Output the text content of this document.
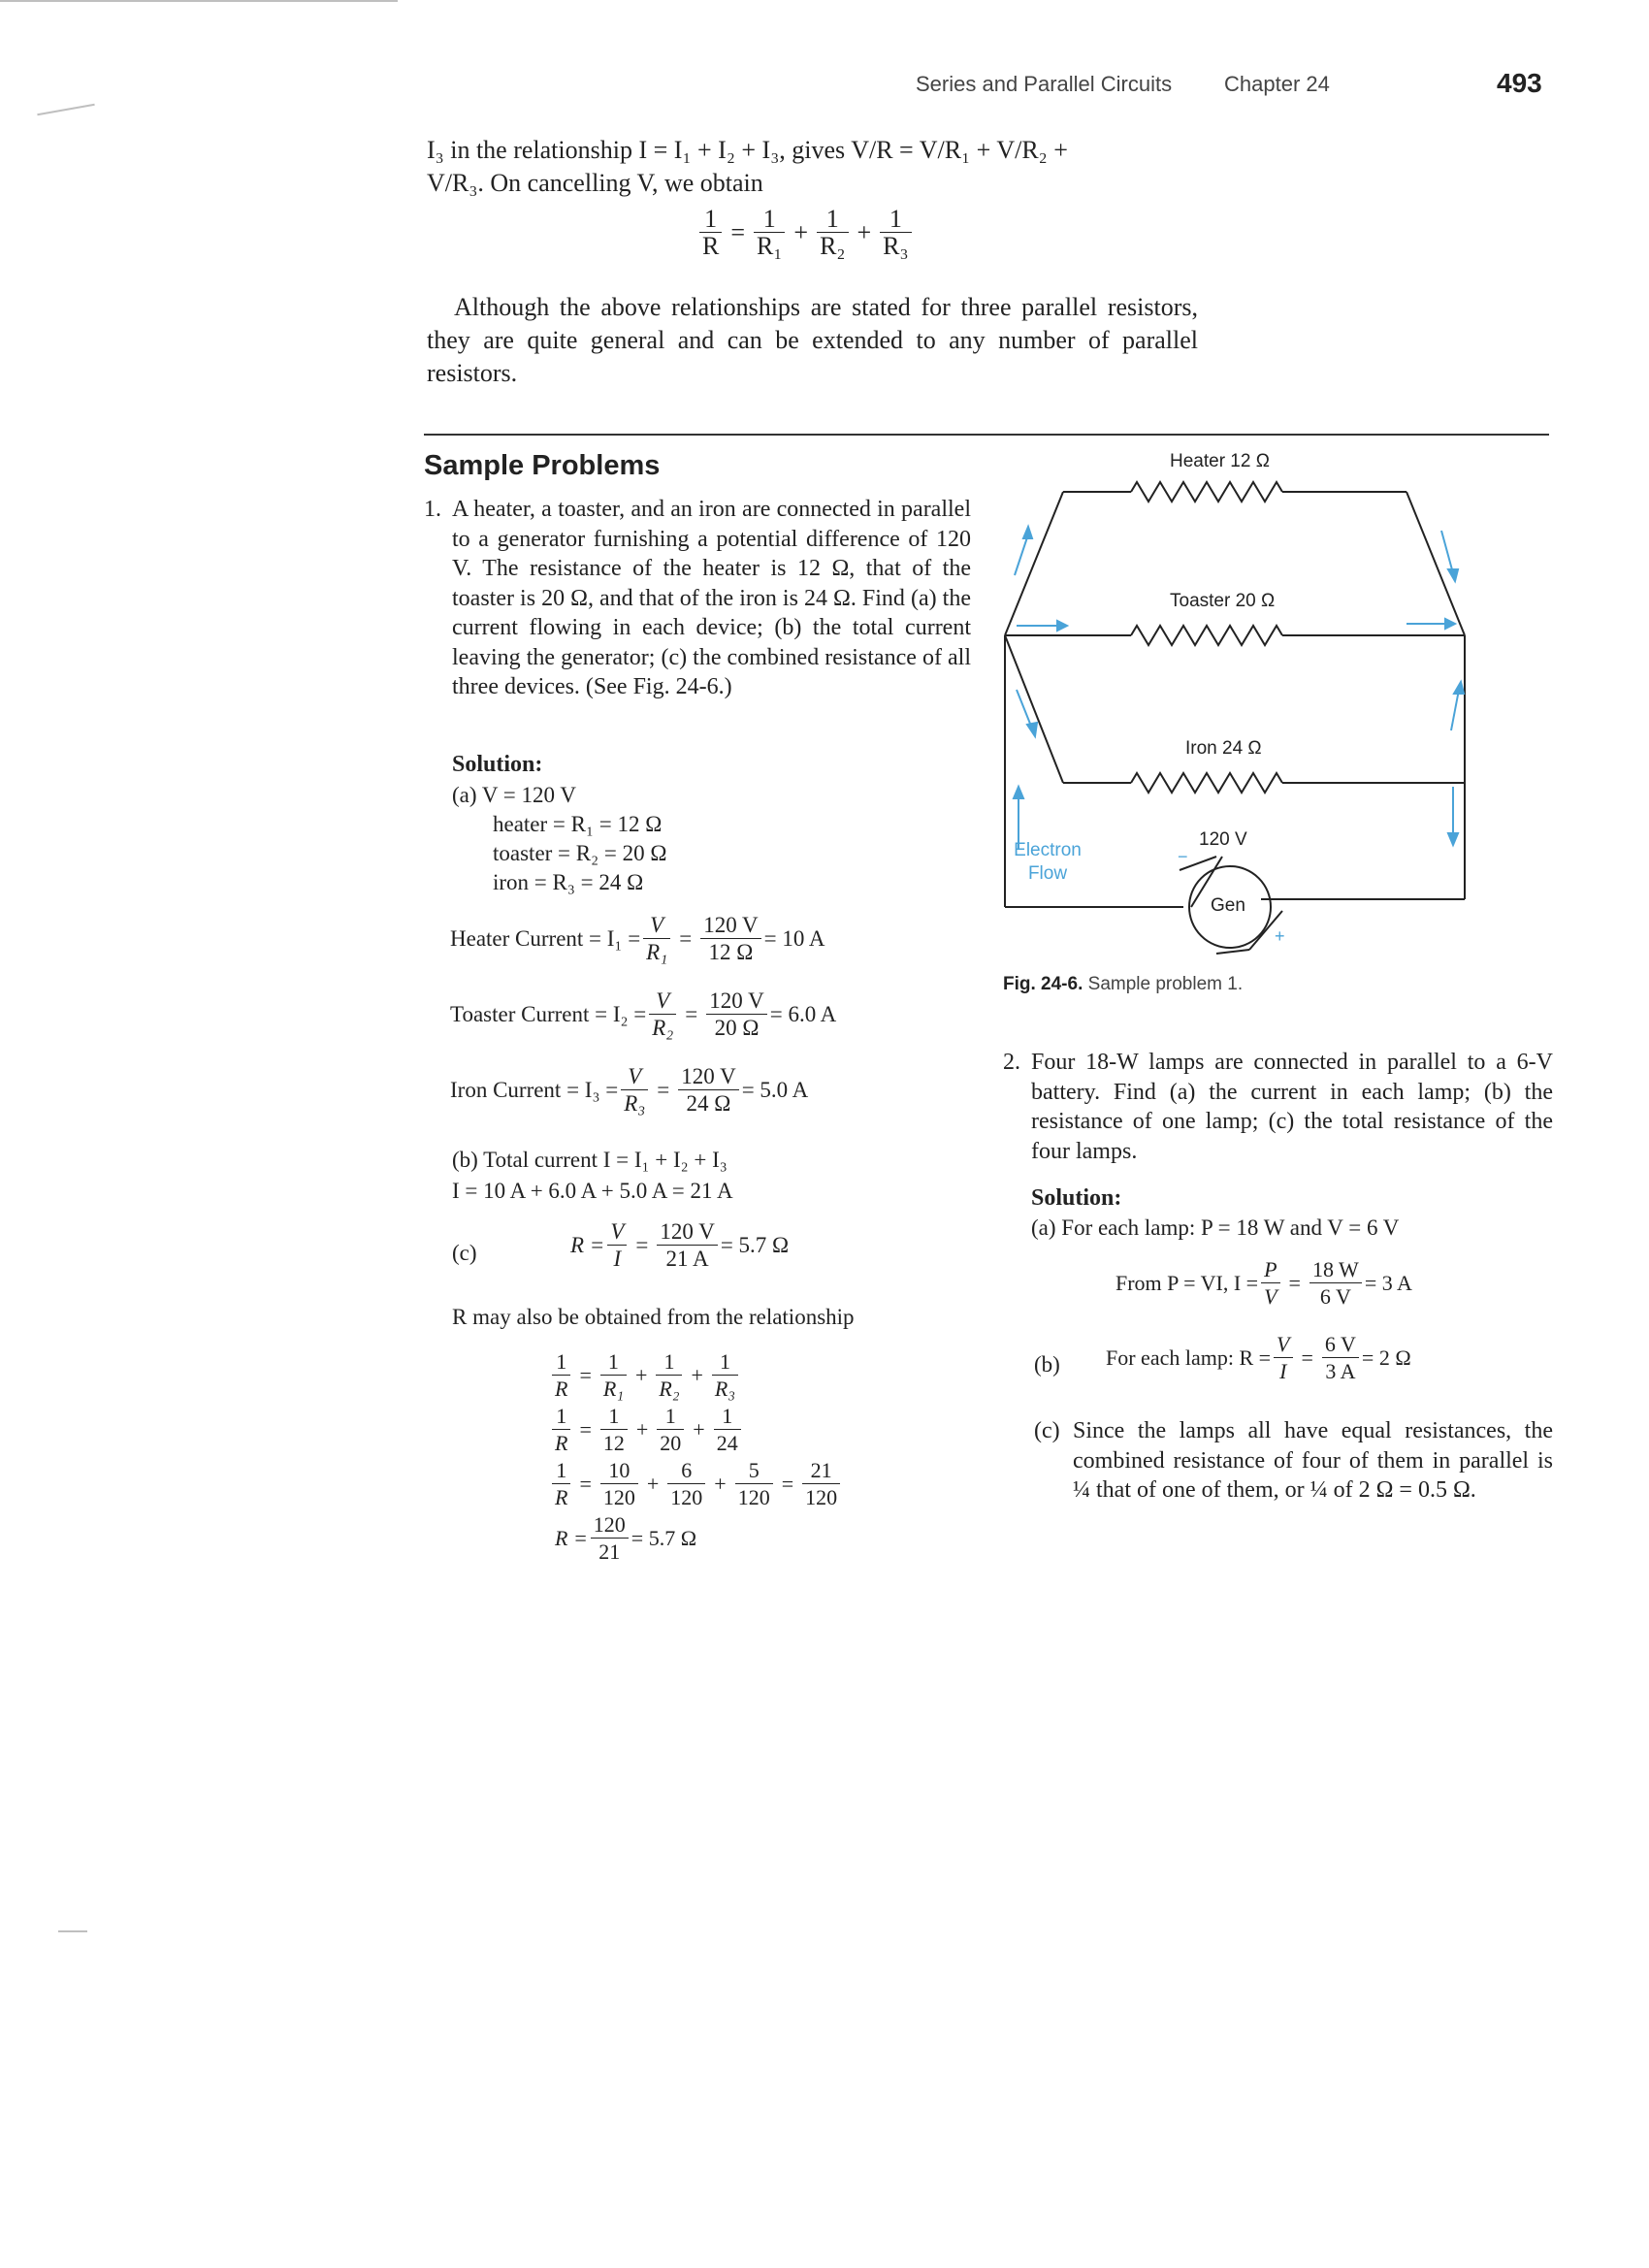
Series and Parallel Circuits Chapter 24	493
I₃ in the relationship I = I₁ + I₂ + I₃, gives V/R = V/R₁ + V/R₂ +
V/R₃. On cancelling V, we obtain
$\frac{1}{R} = \frac{1}{\text{R₁}} + \frac{1}{\text{R₂}} + \frac{1}{\text{R₃}}$
Although the above relationships are stated for three parallel resistors, they are quite general and can be extended to any number of parallel resistors.
Sample Problems
1. A heater, a toaster, and an iron are connected in parallel to a generator furnishing a potential difference of 120 V. The resistance of the heater is 12 Ω, that of the toaster is 20 Ω, and that of the iron is 24 Ω. Find (a) the current flowing in each device; (b) the total current leaving the generator; (c) the combined resistance of all three devices. (See Fig. 24-6.)
Solution:
(a) V = 120 V
heater = R₁ = 12 Ω
toaster = R₂ = 20 Ω
iron = R₃ = 24 Ω
Heater Current = $I_1 = \frac{V}{\text{R₁}} = \frac{120 V}{12 \Omega} = 10$ A
Toaster Current = $I_2 = \frac{V}{\text{R₂}} = \frac{120 V}{20 \Omega} = 6.0$ A
Iron Current = $I_3 = \frac{V}{\text{R₃}} = \frac{120 V}{24 \Omega} = 5.0$ A
(b) Total current I = I₁ + I₂ + I₃
I = 10 A + 6.0 A + 5.0 A = 21 A
(c)	$R = \frac{V}{I} = \frac{120 V}{21 A} = 5.7$ Ω
R may also be obtained from the relationship
$\frac{1}{R} = \frac{1}{\text{R₁}} + \frac{1}{\text{R₂}} + \frac{1}{\text{R₃}}$
$\frac{1}{R} = \frac{1}{12} + \frac{1}{20} + \frac{1}{24}$
$\frac{1}{R} = \frac{10}{120} + \frac{6}{120} + \frac{5}{120} = \frac{21}{120}$
$R = \frac{120}{21} = 5.7$ Ω
Heater 12 Ω
Toaster 20 Ω
Iron 24 Ω
120 V
Gen
−
+
Electron
Flow
Fig. 24-6. Sample problem 1.
2. Four 18-W lamps are connected in parallel to a 6-V battery. Find (a) the current in each lamp; (b) the resistance of one lamp; (c) the total resistance of the four lamps.
Solution:
(a) For each lamp: P = 18 W and V = 6 V
From P = VI, $I = \frac{P}{V} = \frac{18 W}{6 V} = 3$ A
(b) For each lamp: $R = \frac{V}{I} = \frac{6 V}{3 A} = 2$ Ω
(c) Since the lamps all have equal resistances, the combined resistance of four of them in parallel is ¼ that of one of them, or ¼ of 2 Ω = 0.5 Ω.
